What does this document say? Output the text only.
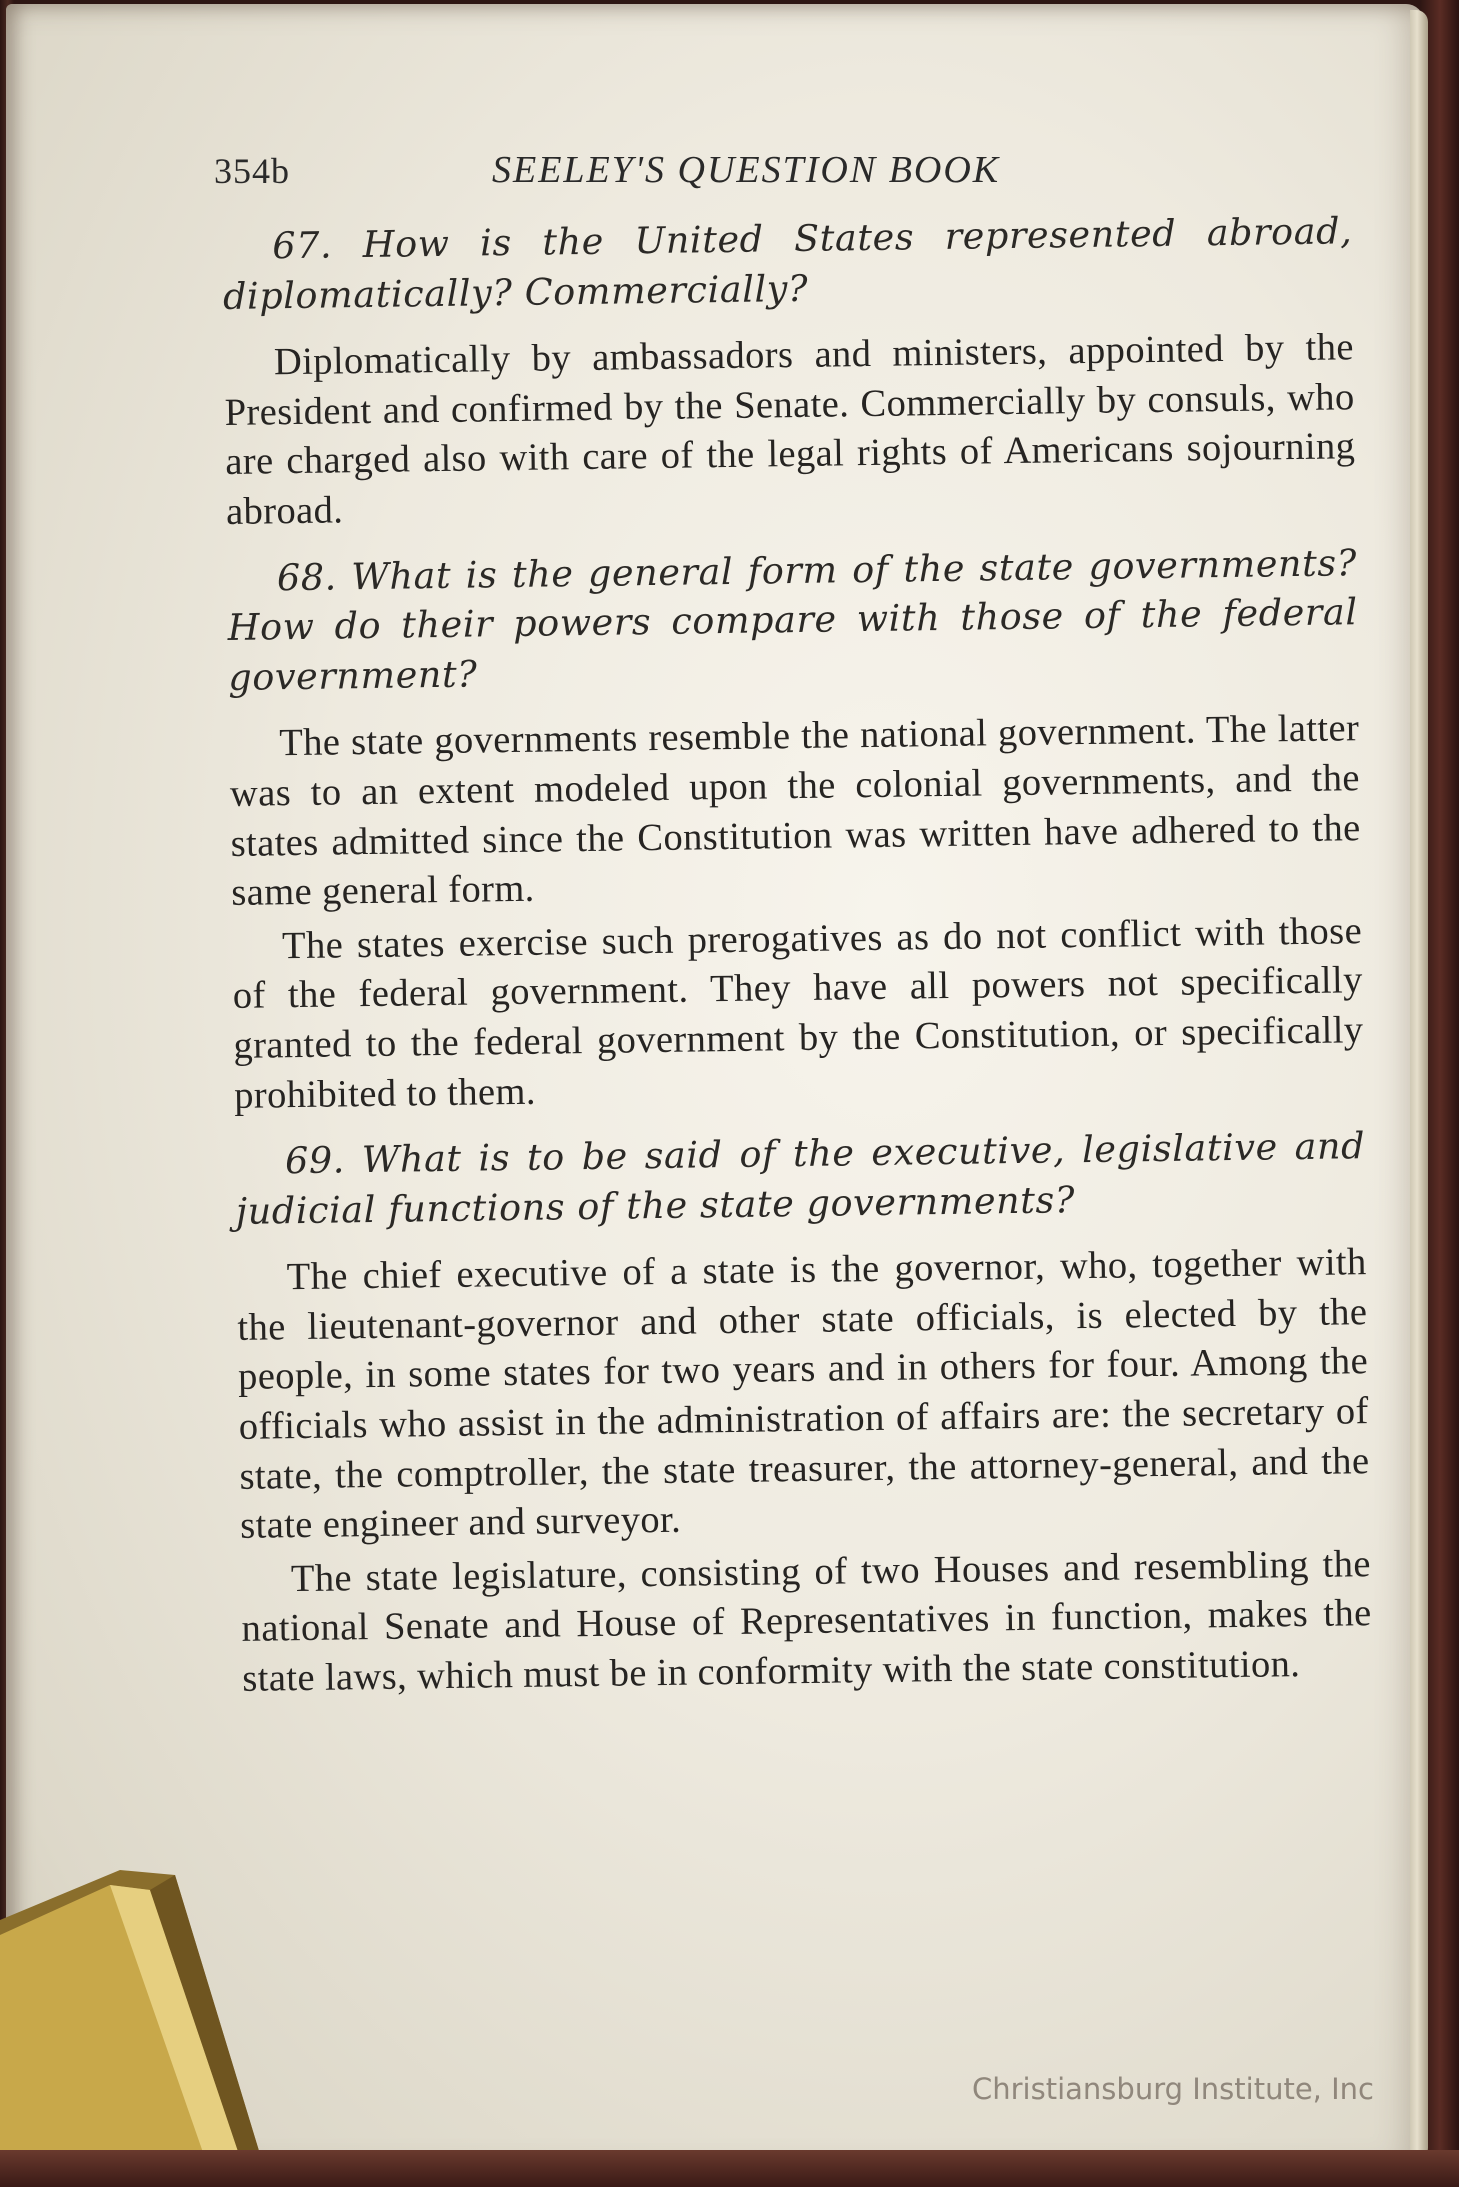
354b	SEELEY'S QUESTION BOOK

67. How is the United States represented abroad, diplomatically? Commercially?

Diplomatically by ambassadors and ministers, appointed by the President and confirmed by the Senate. Commercially by consuls, who are charged also with care of the legal rights of Americans sojourning abroad.

68. What is the general form of the state governments? How do their powers compare with those of the federal government?

The state governments resemble the national government. The latter was to an extent modeled upon the colonial governments, and the states admitted since the Constitution was written have adhered to the same general form.

The states exercise such prerogatives as do not conflict with those of the federal government. They have all powers not specifically granted to the federal government by the Constitution, or specifically prohibited to them.

69. What is to be said of the executive, legislative and judicial functions of the state governments?

The chief executive of a state is the governor, who, together with the lieutenant-governor and other state officials, is elected by the people, in some states for two years and in others for four. Among the officials who assist in the administration of affairs are: the secretary of state, the comptroller, the state treasurer, the attorney-general, and the state engineer and surveyor.

The state legislature, consisting of two Houses and resembling the national Senate and House of Representatives in function, makes the state laws, which must be in conformity with the state constitution.

Christiansburg Institute, Inc
